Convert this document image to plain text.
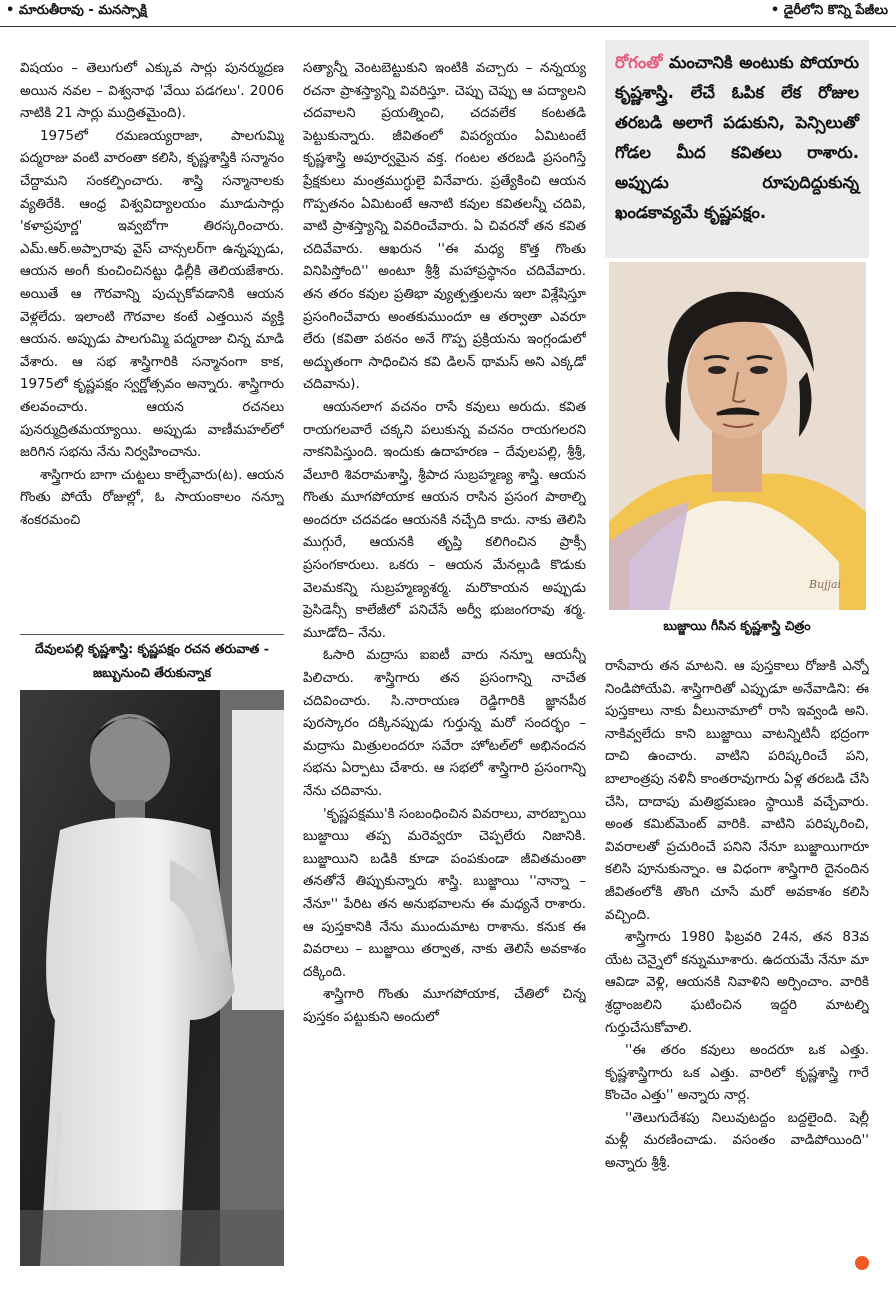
• మారుతీరావు - మనస్సాక్షి	• డైరీలోని కొన్ని పేజీలు

విషయం – తెలుగులో ఎక్కువ సార్లు పునర్ముద్రణ అయిన నవల – విశ్వనాథ 'వేయి పడగలు'. 2006 నాటికి 21 సార్లు ముద్రితమైంది).

1975లో రమణయ్యరాజా, పాలగుమ్మి పద్మరాజు వంటి వారంతా కలిసి, కృష్ణశాస్త్రికి సన్మానం చేద్దామని సంకల్పించారు. శాస్త్రి సన్మానాలకు వ్యతిరేకి. ఆంధ్ర విశ్వవిద్యాలయం మూడుసార్లు 'కళాప్రపూర్ణ' ఇవ్వబోగా తిరస్కరించారు. ఎమ్.ఆర్.అప్పారావు వైస్ చాన్సలర్‌గా ఉన్నప్పుడు, ఆయన అంగీ కుంచించినట్టు ఢిల్లీకి తెలియజేశారు. అయితే ఆ గౌరవాన్ని పుచ్చుకోవడానికి ఆయన వెళ్లలేదు. ఇలాంటి గౌరవాల కంటే ఎత్తయిన వ్యక్తి ఆయన. అప్పుడు పాలగుమ్మి పద్మరాజు చిన్న మాడి వేశారు. ఆ సభ శాస్త్రిగారికి సన్మానంగా కాక, 1975లో కృష్ణపక్షం స్వర్ణోత్సవం అన్నారు. శాస్త్రిగారు తలవంచారు. ఆయన రచనలు పునర్ముద్రితమయ్యాయి. అప్పుడు వాణీమహల్‌లో జరిగిన సభను నేను నిర్వహించాను.

శాస్త్రిగారు బాగా చుట్టలు కాల్చేవారు(ట). ఆయన గొంతు పోయే రోజుల్లో, ఓ సాయంకాలం నన్నూ శంకరమంచి

దేవులపల్లి కృష్ణశాస్త్రి: కృష్ణపక్షం రచన తరువాత - జబ్బునుంచి తేరుకున్నాక

సత్యాన్నీ వెంటబెట్టుకుని ఇంటికి వచ్చారు – నన్నయ్య రచనా ప్రాశస్త్యాన్ని వివరిస్తూ. చెప్పు చెప్పు ఆ పద్యాలని చదవాలని ప్రయత్నించి, చదవలేక కంటతడి పెట్టుకున్నారు. జీవితంలో విపర్యయం ఏమిటంటే కృష్ణశాస్త్రి అపూర్వమైన వక్త. గంటల తరబడి ప్రసంగిస్తే ప్రేక్షకులు మంత్రముగ్ధులై వినేవారు. ప్రత్యేకించి ఆయన గొప్పతనం ఏమిటంటే ఆనాటి కవుల కవితలన్నీ చదివి, వాటి ప్రాశస్త్యాన్ని వివరించేవారు. ఏ చివరనో తన కవిత చదివేవారు. ఆఖరున ''ఈ మధ్య కొత్త గొంతు వినిపిస్తోంది'' అంటూ శ్రీశ్రీ మహాప్రస్థానం చదివేవారు. తన తరం కవుల ప్రతిభా వ్యుత్పత్తులను ఇలా విశ్లేషిస్తూ ప్రసంగించేవారు అంతకుముందూ ఆ తర్వాతా ఎవరూ లేరు (కవితా పఠనం అనే గొప్ప ప్రక్రియను ఇంగ్లండులో అద్భుతంగా సాధించిన కవి డిలన్ థామస్ అని ఎక్కడో చదివాను).

ఆయనలాగ వచనం రాసే కవులు అరుదు. కవిత రాయగలవారే చక్కని పలుకున్న వచనం రాయగలరని నాకనిపిస్తుంది. ఇందుకు ఉదాహరణ – దేవులపల్లి, శ్రీశ్రీ, వేలూరి శివరామశాస్త్రి, శ్రీపాద సుబ్రహ్మణ్య శాస్త్రి. ఆయన గొంతు మూగపోయాక ఆయన రాసిన ప్రసంగ పాఠాల్ని అందరూ చదవడం ఆయనకి నచ్చేది కాదు. నాకు తెలిసి ముగ్గురే, ఆయనకి తృప్తి కలిగించిన ప్రాక్సీ ప్రసంగకారులు. ఒకరు – ఆయన మేనల్లుడి కొడుకు వెలమకన్ని సుబ్రహ్మణ్యశర్మ. మరొకాయన అప్పుడు ప్రెసిడెన్సీ కాలేజీలో పనిచేసే అర్వీ భుజంగరావు శర్మ. మూడోది– నేను.

ఓసారి మద్రాసు ఐఐటీ వారు నన్నూ ఆయన్నీ పిలిచారు. శాస్త్రిగారు తన ప్రసంగాన్ని నాచేత చదివించారు. సి.నారాయణ రెడ్డిగారికి జ్ఞానపీఠ పురస్కారం దక్కినప్పుడు గుర్తున్న మరో సందర్భం – మద్రాసు మిత్రులందరూ సవేరా హోటల్‌లో అభినందన సభను ఏర్పాటు చేశారు. ఆ సభలో శాస్త్రిగారి ప్రసంగాన్ని నేను చదివాను.

'కృష్ణపక్షము'కి సంబంధించిన వివరాలు, వారబ్బాయి బుజ్జాయి తప్ప మరెవ్వరూ చెప్పలేరు నిజానికి. బుజ్జాయిని బడికి కూడా పంపకుండా జీవితమంతా తనతోనే తిప్పుకున్నారు శాస్త్రి. బుజ్జాయి ''నాన్నా – నేనూ'' పేరిట తన అనుభవాలను ఈ మధ్యనే రాశారు. ఆ పుస్తకానికి నేను ముందుమాట రాశాను. కనుక ఈ వివరాలు – బుజ్జాయి తర్వాత, నాకు తెలిసే అవకాశం దక్కింది.

శాస్త్రిగారి గొంతు మూగపోయాక, చేతిలో చిన్న పుస్తకం పట్టుకుని అందులో

రోగంతో మంచానికి అంటుకు పోయారు కృష్ణశాస్త్రి. లేచే ఓపిక లేక రోజుల తరబడి అలాగే పడుకుని, పెన్సిలుతో గోడల మీద కవితలు రాశారు. అప్పుడు రూపుదిద్దుకున్న ఖండకావ్యమే కృష్ణపక్షం.
Bujjai
బుజ్జాయి గీసిన కృష్ణశాస్త్రి చిత్రం

రాసేవారు తన మాటని. ఆ పుస్తకాలు రోజుకి ఎన్నో నిండిపోయేవి. శాస్త్రిగారితో ఎప్పుడూ అనేవాడిని: ఈ పుస్తకాలు నాకు వీలునామాలో రాసి ఇవ్వండి అని. నాకివ్వలేదు కాని బుజ్జాయి వాటన్నిటినీ భద్రంగా దాచి ఉంచారు. వాటిని పరిష్కరించే పని, బాలాంత్రపు నళినీ కాంతరావుగారు ఏళ్ల తరబడి చేసి చేసి, దాదాపు మతిభ్రమణం స్థాయికి వచ్చేవారు. అంత కమిట్‌మెంట్ వారికి. వాటిని పరిష్కరించి, వివరాలతో ప్రచురించే పనిని నేనూ బుజ్జాయిగారూ కలిసి పూనుకున్నాం. ఆ విధంగా శాస్త్రిగారి దైనందిన జీవితంలోకి తొంగి చూసే మరో అవకాశం కలిసి వచ్చింది.

శాస్త్రిగారు 1980 ఫిబ్రవరి 24న, తన 83వ యేట చెన్నైలో కన్నుమూశారు. ఉదయమే నేనూ మా ఆవిడా వెళ్లి, ఆయనకి నివాళిని అర్పించాం. వారికి శ్రద్ధాంజలిని ఘటించిన ఇద్దరి మాటల్ని గుర్తుచేసుకోవాలి.

''ఈ తరం కవులు అందరూ ఒక ఎత్తు. కృష్ణశాస్త్రిగారు ఒక ఎత్తు. వారిలో కృష్ణశాస్త్రి గారే కొంచెం ఎత్తు'' అన్నారు నార్ల.

''తెలుగుదేశపు నిలువుటద్దం బద్దలైంది. షెల్లీ మళ్లీ మరణించాడు. వసంతం వాడిపోయింది'' అన్నారు శ్రీశ్రీ.
